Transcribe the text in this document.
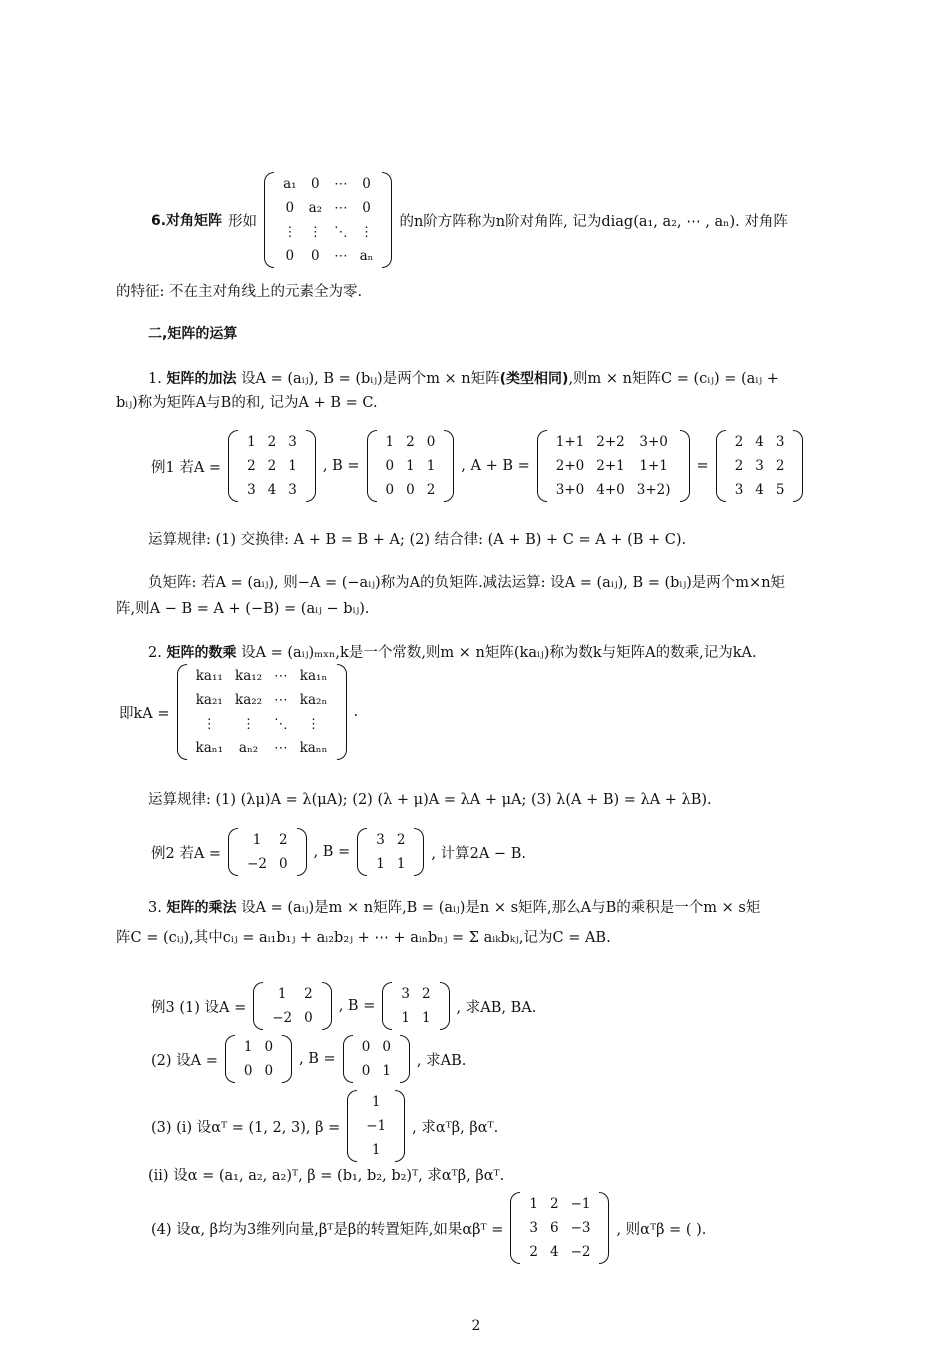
6.对角矩阵 形如
a₁	0	⋯	0
0	a₂	⋯	0
⋮	⋮	⋱	⋮
0	0	⋯	aₙ
的n阶方阵称为n阶对角阵, 记为diag(a₁, a₂, ⋯ , aₙ). 对角阵
的特征: 不在主对角线上的元素全为零.
二,矩阵的运算
1. 矩阵的加法 设A = (aᵢⱼ), B = (bᵢⱼ)是两个m × n矩阵(类型相同),则m × n矩阵C = (cᵢⱼ) = (aᵢⱼ +
bᵢⱼ)称为矩阵A与B的和, 记为A + B = C.
例1 若A =
1	2	3
2	2	1
3	4	3
, B =
1	2	0
0	1	1
0	0	2
, A + B =
1+1	2+2	3+0
2+0	2+1	1+1
3+0	4+0	3+2)
=
2	4	3
2	3	2
3	4	5
运算规律: (1) 交换律: A + B = B + A; (2) 结合律: (A + B) + C = A + (B + C).
负矩阵: 若A = (aᵢⱼ), 则−A = (−aᵢⱼ)称为A的负矩阵.减法运算: 设A = (aᵢⱼ), B = (bᵢⱼ)是两个m×n矩
阵,则A − B = A + (−B) = (aᵢⱼ − bᵢⱼ).
2. 矩阵的数乘 设A = (aᵢⱼ)ₘₓₙ,k是一个常数,则m × n矩阵(kaᵢⱼ)称为数k与矩阵A的数乘,记为kA.
即kA =
ka₁₁	ka₁₂	⋯	ka₁ₙ
ka₂₁	ka₂₂	⋯	ka₂ₙ
⋮	⋮	⋱	⋮
kaₙ₁	aₙ₂	⋯	kaₙₙ
.
运算规律: (1) (λμ)A = λ(μA); (2) (λ + μ)A = λA + μA; (3) λ(A + B) = λA + λB).
例2 若A =
1	2
−2	0
, B =
3	2
1	1
, 计算2A − B.
3. 矩阵的乘法 设A = (aᵢⱼ)是m × n矩阵,B = (aᵢⱼ)是n × s矩阵,那么A与B的乘积是一个m × s矩
阵C = (cᵢⱼ),其中cᵢⱼ = aᵢ₁b₁ⱼ + aᵢ₂b₂ⱼ + ⋯ + aᵢₙbₙⱼ = Σ aᵢₖbₖⱼ,记为C = AB.
例3 (1) 设A =
1	2
−2	0
, B =
3	2
1	1
, 求AB, BA.
(2) 设A =
1	0
0	0
, B =
0	0
0	1
, 求AB.
(3) (i) 设αᵀ = (1, 2, 3), β =
1
−1
1
, 求αᵀβ, βαᵀ.
(ii) 设α = (a₁, a₂, a₂)ᵀ, β = (b₁, b₂, b₂)ᵀ, 求αᵀβ, βαᵀ.
(4) 设α, β均为3维列向量,βᵀ是β的转置矩阵,如果αβᵀ =
1	2	−1
3	6	−3
2	4	−2
, 则αᵀβ = ( ).
2
